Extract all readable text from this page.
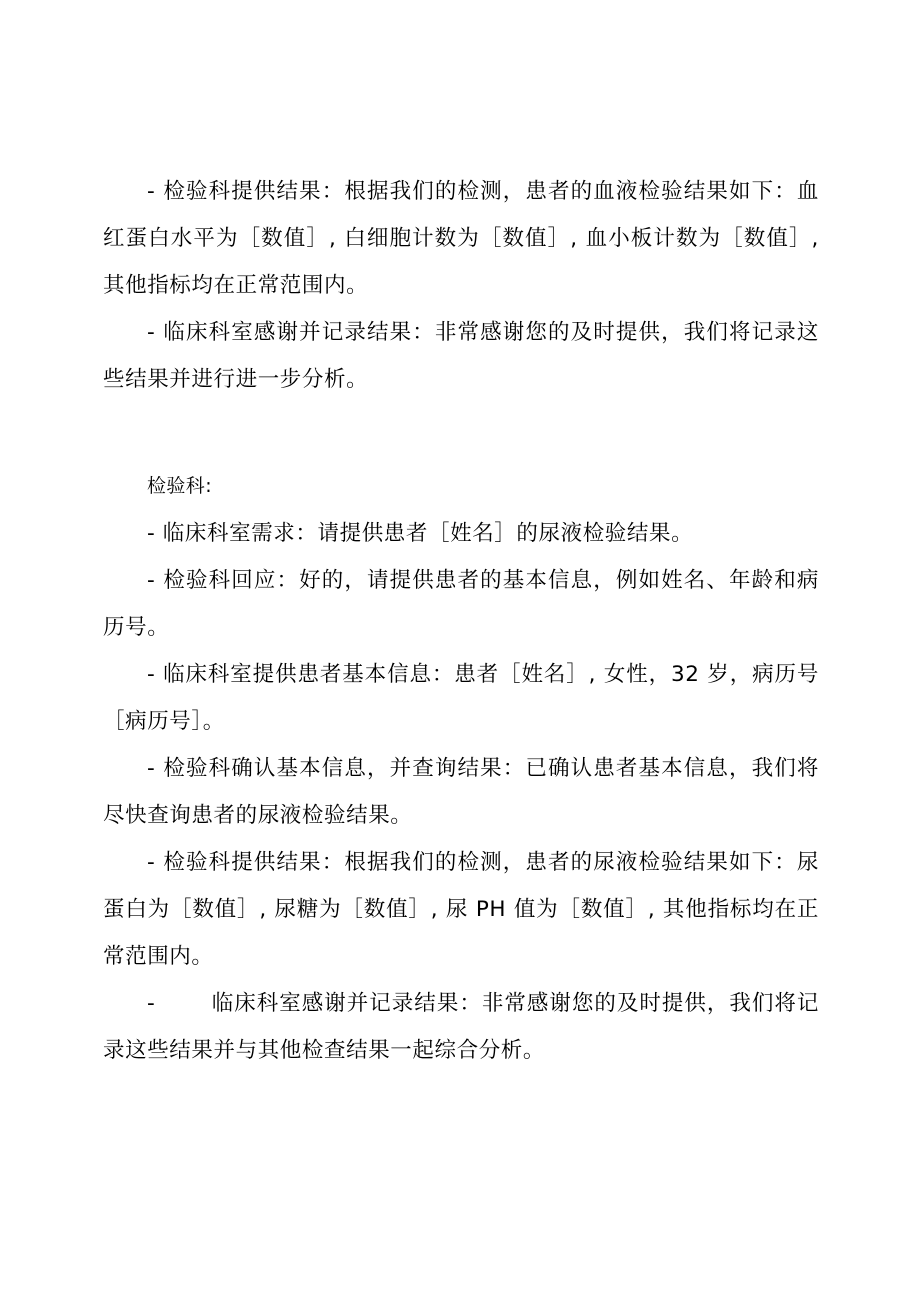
- 检验科提供结果：根据我们的检测，患者的血液检验结果如下：血红蛋白水平为［数值］, 白细胞计数为［数值］, 血小板计数为［数值］, 其他指标均在正常范围内。

- 临床科室感谢并记录结果：非常感谢您的及时提供，我们将记录这些结果并进行进一步分析。

检验科:

- 临床科室需求：请提供患者［姓名］的尿液检验结果。

- 检验科回应：好的，请提供患者的基本信息，例如姓名、年龄和病历号。

- 临床科室提供患者基本信息：患者［姓名］, 女性，32 岁，病历号［病历号］。

- 检验科确认基本信息，并查询结果：已确认患者基本信息，我们将尽快查询患者的尿液检验结果。

- 检验科提供结果：根据我们的检测，患者的尿液检验结果如下：尿蛋白为［数值］, 尿糖为［数值］, 尿 PH 值为［数值］, 其他指标均在正常范围内。

-	临床科室感谢并记录结果：非常感谢您的及时提供，我们将记录这些结果并与其他检查结果一起综合分析。
